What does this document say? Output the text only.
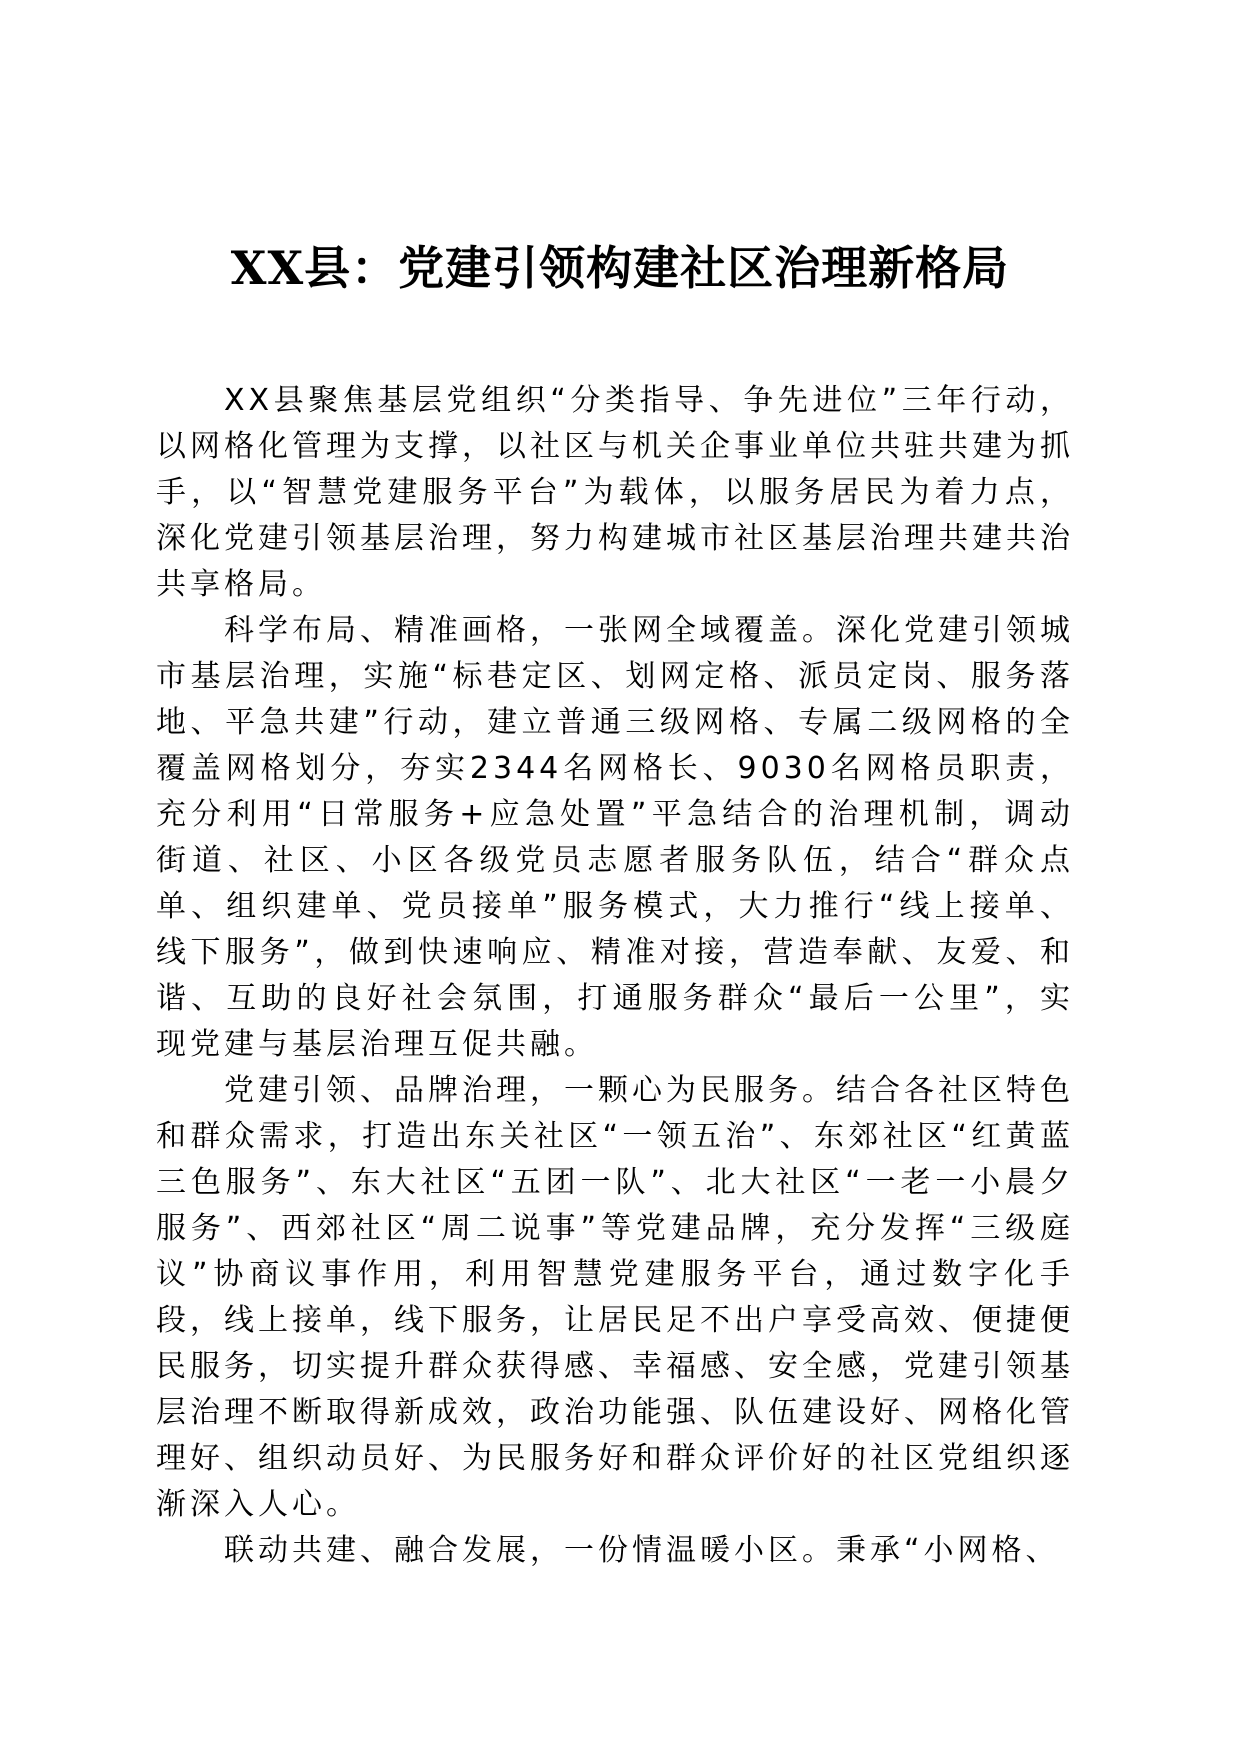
XX县：党建引领构建社区治理新格局

XX县聚焦基层党组织“分类指导、争先进位”三年行动，以网格化管理为支撑，以社区与机关企事业单位共驻共建为抓手，以“智慧党建服务平台”为载体，以服务居民为着力点，深化党建引领基层治理，努力构建城市社区基层治理共建共治共享格局。

科学布局、精准画格，一张网全域覆盖。深化党建引领城市基层治理，实施“标巷定区、划网定格、派员定岗、服务落地、平急共建”行动，建立普通三级网格、专属二级网格的全覆盖网格划分，夯实2344名网格长、9030名网格员职责，充分利用“日常服务+应急处置”平急结合的治理机制，调动街道、社区、小区各级党员志愿者服务队伍，结合“群众点单、组织建单、党员接单”服务模式，大力推行“线上接单、线下服务”，做到快速响应、精准对接，营造奉献、友爱、和谐、互助的良好社会氛围，打通服务群众“最后一公里”，实现党建与基层治理互促共融。

党建引领、品牌治理，一颗心为民服务。结合各社区特色和群众需求，打造出东关社区“一领五治”、东郊社区“红黄蓝三色服务”、东大社区“五团一队”、北大社区“一老一小晨夕服务”、西郊社区“周二说事”等党建品牌，充分发挥“三级庭议”协商议事作用，利用智慧党建服务平台，通过数字化手段，线上接单，线下服务，让居民足不出户享受高效、便捷便民服务，切实提升群众获得感、幸福感、安全感，党建引领基层治理不断取得新成效，政治功能强、队伍建设好、网格化管理好、组织动员好、为民服务好和群众评价好的社区党组织逐渐深入人心。

联动共建、融合发展，一份情温暖小区。秉承“小网格、
